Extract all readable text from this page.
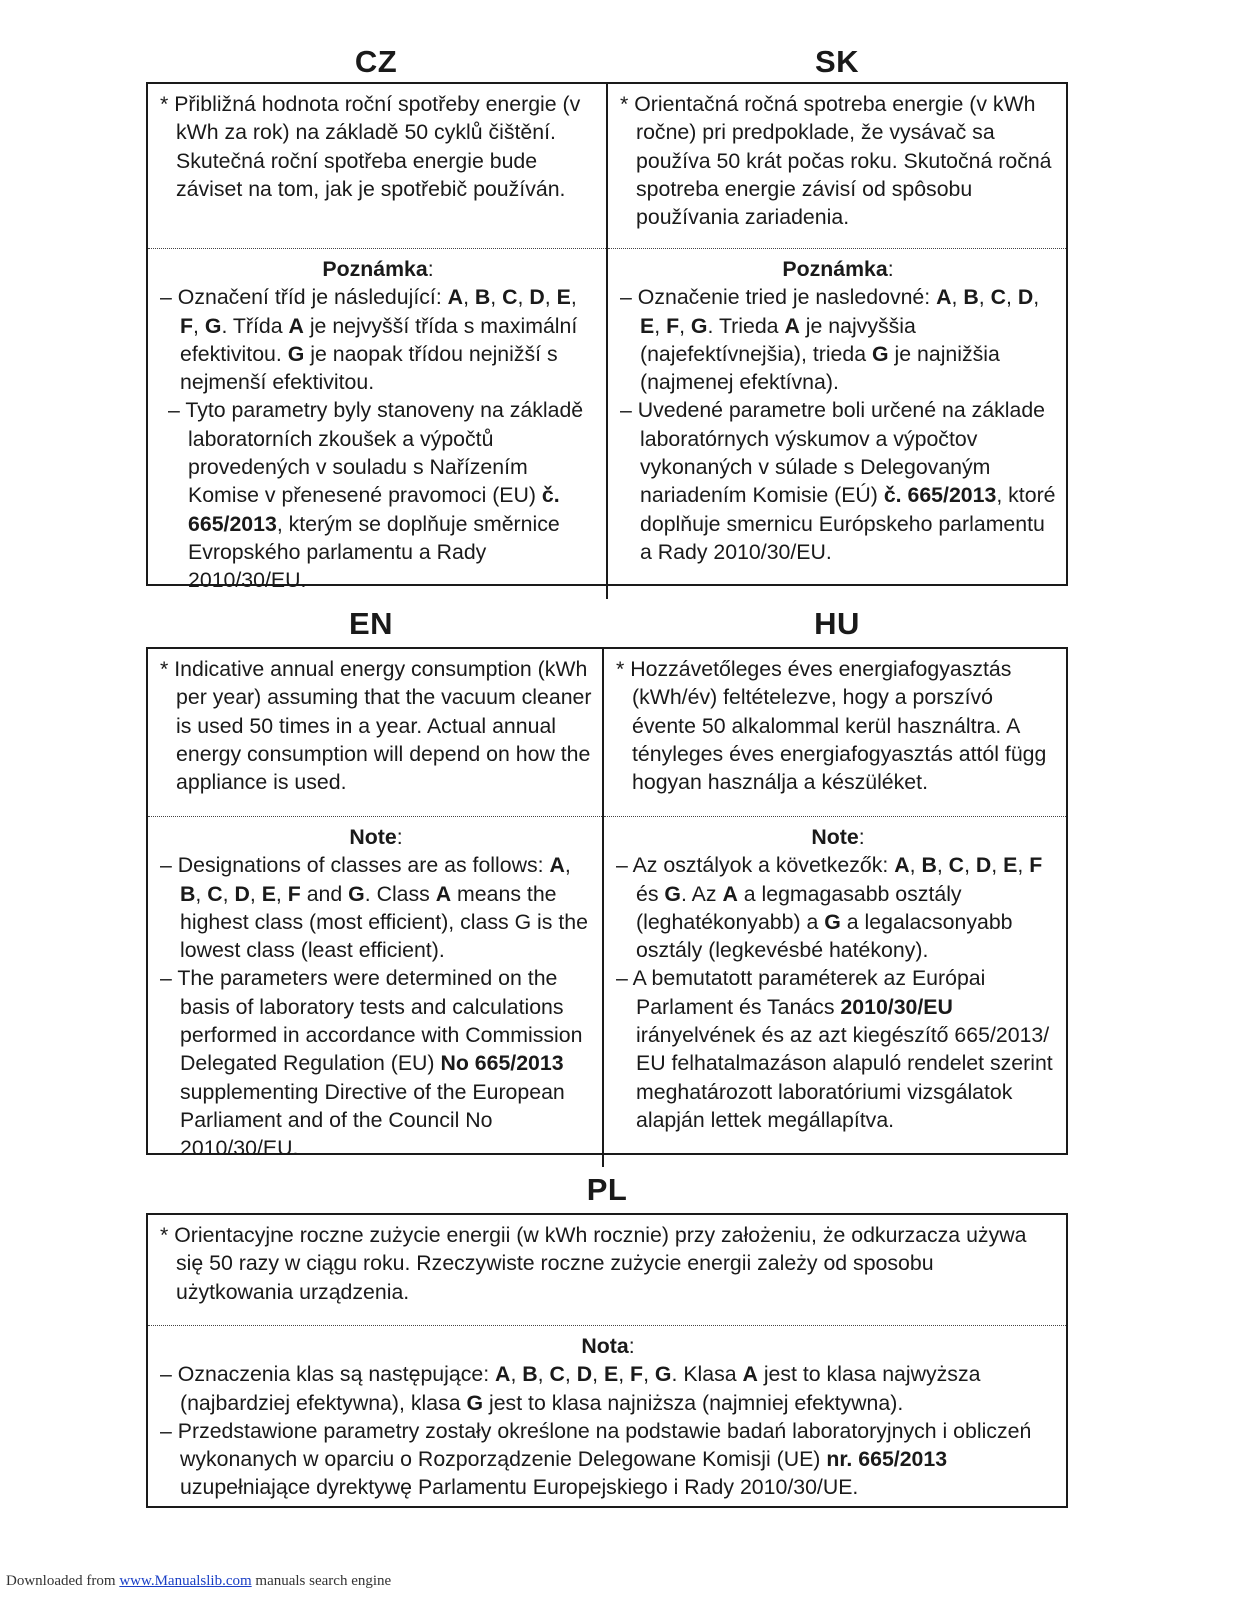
CZ	SK

* Přibližná hodnota roční spotřeby energie (v kWh za rok) na základě 50 cyklů čištění. Skutečná roční spotřeba energie bude záviset na tom, jak je spotřebič používán.

Poznámka:

– Označení tříd je následující: A, B, C, D, E, F, G. Třída A je nejvyšší třída s maximální efektivitou. G je naopak třídou nejnižší s nejmenší efektivitou.

– Tyto parametry byly stanoveny na základě laboratorních zkoušek a výpočtů provedených v souladu s Nařízením Komise v přenesené pravomoci (EU) č. 665/2013, kterým se doplňuje směrnice Evropského parlamentu a Rady 2010/30/EU.

* Orientačná ročná spotreba energie (v kWh ročne) pri predpoklade, že vysávač sa používa 50 krát počas roku. Skutočná ročná spotreba energie závisí od spôsobu používania zariadenia.

Poznámka:

– Označenie tried je nasledovné: A, B, C, D, E, F, G. Trieda A je najvyššia (najefektívnejšia), trieda G je najnižšia (najmenej efektívna).

– Uvedené parametre boli určené na základe laboratórnych výskumov a výpočtov vykonaných v súlade s Delegovaným nariadením Komisie (EÚ) č. 665/2013, ktoré doplňuje smernicu Európskeho parlamentu a Rady 2010/30/EU.

EN	HU

* Indicative annual energy consumption (kWh per year) assuming that the vacuum cleaner is used 50 times in a year. Actual annual energy consumption will depend on how the appliance is used.

Note:

– Designations of classes are as follows: A, B, C, D, E, F and G. Class A means the highest class (most efficient), class G is the lowest class (least efficient).

– The parameters were determined on the basis of laboratory tests and calculations performed in accordance with Commission Delegated Regulation (EU) No 665/2013 supplementing Directive of the European Parliament and of the Council No 2010/30/EU.

* Hozzávetőleges éves energiafogyasztás (kWh/év) feltételezve, hogy a porszívó évente 50 alkalommal kerül használtra. A tényleges éves energiafogyasztás attól függ hogyan használja a készüléket.

Note:

– Az osztályok a következők: A, B, C, D, E, F és G. Az A a legmagasabb osztály (leghatékonyabb) a G a legalacsonyabb osztály (legkevésbé hatékony).

– A bemutatott paraméterek az Európai Parlament és Tanács 2010/30/EU irányelvének és az azt kiegészítő 665/2013/ EU felhatalmazáson alapuló rendelet szerint meghatározott laboratóriumi vizsgálatok alapján lettek megállapítva.

PL

* Orientacyjne roczne zużycie energii (w kWh rocznie) przy założeniu, że odkurzacza używa się 50 razy w ciągu roku. Rzeczywiste roczne zużycie energii zależy od sposobu użytkowania urządzenia.

Nota:

– Oznaczenia klas są następujące: A, B, C, D, E, F, G. Klasa A jest to klasa najwyższa (najbardziej efektywna), klasa G jest to klasa najniższa (najmniej efektywna).

– Przedstawione parametry zostały określone na podstawie badań laboratoryjnych i obliczeń wykonanych w oparciu o Rozporządzenie Delegowane Komisji (UE) nr. 665/2013 uzupełniające dyrektywę Parlamentu Europejskiego i Rady 2010/30/UE.

Downloaded from www.Manualslib.com manuals search engine
